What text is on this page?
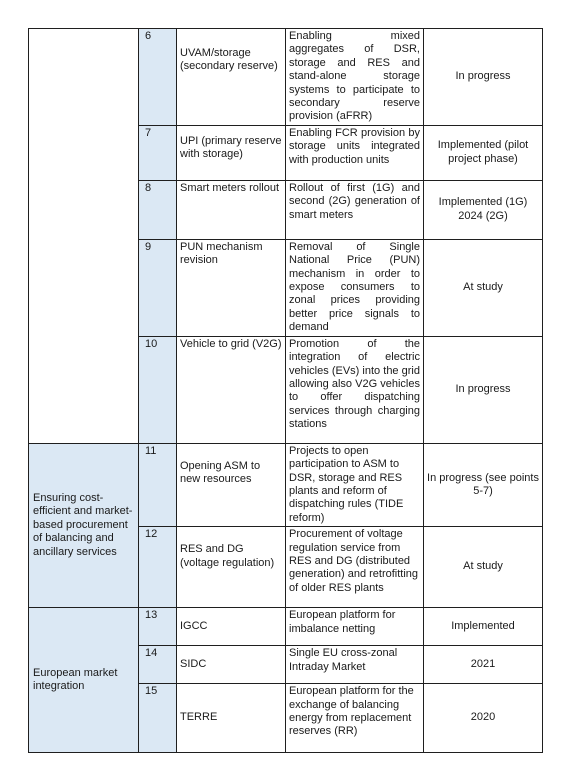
	6	UVAM/storage (secondary reserve)	Enabling mixed aggregates of DSR, storage and RES and stand-alone storage systems to participate to secondary reserve provision (aFRR)	In progress
	7	UPI (primary reserve with storage)	Enabling FCR provision by storage units integrated with production units	Implemented (pilot project phase)
	8	Smart meters rollout	Rollout of first (1G) and second (2G) generation of smart meters	Implemented (1G) 2024 (2G)
	9	PUN mechanism revision	Removal of Single National Price (PUN) mechanism in order to expose consumers to zonal prices providing better price signals to demand	At study
	10	Vehicle to grid (V2G)	Promotion of the integration of electric vehicles (EVs) into the grid allowing also V2G vehicles to offer dispatching services through charging stations	In progress
Ensuring cost-efficient and market-based procurement of balancing and ancillary services	11	Opening ASM to new resources	Projects to open participation to ASM to DSR, storage and RES plants and reform of dispatching rules (TIDE reform)	In progress (see points 5-7)
	12	RES and DG (voltage regulation)	Procurement of voltage regulation service from RES and DG (distributed generation) and retrofitting of older RES plants	At study
European market integration	13	IGCC	European platform for imbalance netting	Implemented
	14	SIDC	Single EU cross-zonal Intraday Market	2021
	15	TERRE	European platform for the exchange of balancing energy from replacement reserves (RR)	2020
